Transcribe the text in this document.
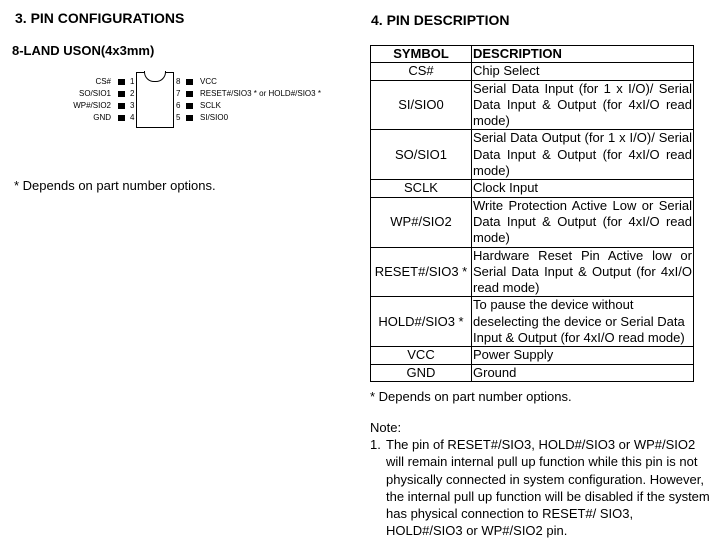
3. PIN CONFIGURATIONS
8-LAND USON(4x3mm)
CS# 1
SO/SIO1 2
WP#/SIO2 3
GND 4
8 VCC
7 RESET#/SIO3 * or HOLD#/SIO3 *
6 SCLK
5 SI/SIO0
* Depends on part number options.
4. PIN DESCRIPTION
SYMBOL	DESCRIPTION
CS#	Chip Select
SI/SIO0	Serial Data Input (for 1 x I/O)/ Serial Data Input & Output (for 4xI/O read mode)
SO/SIO1	Serial Data Output (for 1 x I/O)/ Serial Data Input & Output (for 4xI/O read mode)
SCLK	Clock Input
WP#/SIO2	Write Protection Active Low or Serial Data Input & Output (for 4xI/O read mode)
RESET#/SIO3 *	Hardware Reset Pin Active low or Serial Data Input & Output (for 4xI/O read mode)
HOLD#/SIO3 *	To pause the device without deselecting the device or Serial Data Input & Output (for 4xI/O read mode)
VCC	Power Supply
GND	Ground
* Depends on part number options.
Note:
1. The pin of RESET#/SIO3, HOLD#/SIO3 or WP#/SIO2 will remain internal pull up function while this pin is not physically connected in system configuration. However, the internal pull up function will be disabled if the system has physical connection to RESET#/ SIO3, HOLD#/SIO3 or WP#/SIO2 pin.
